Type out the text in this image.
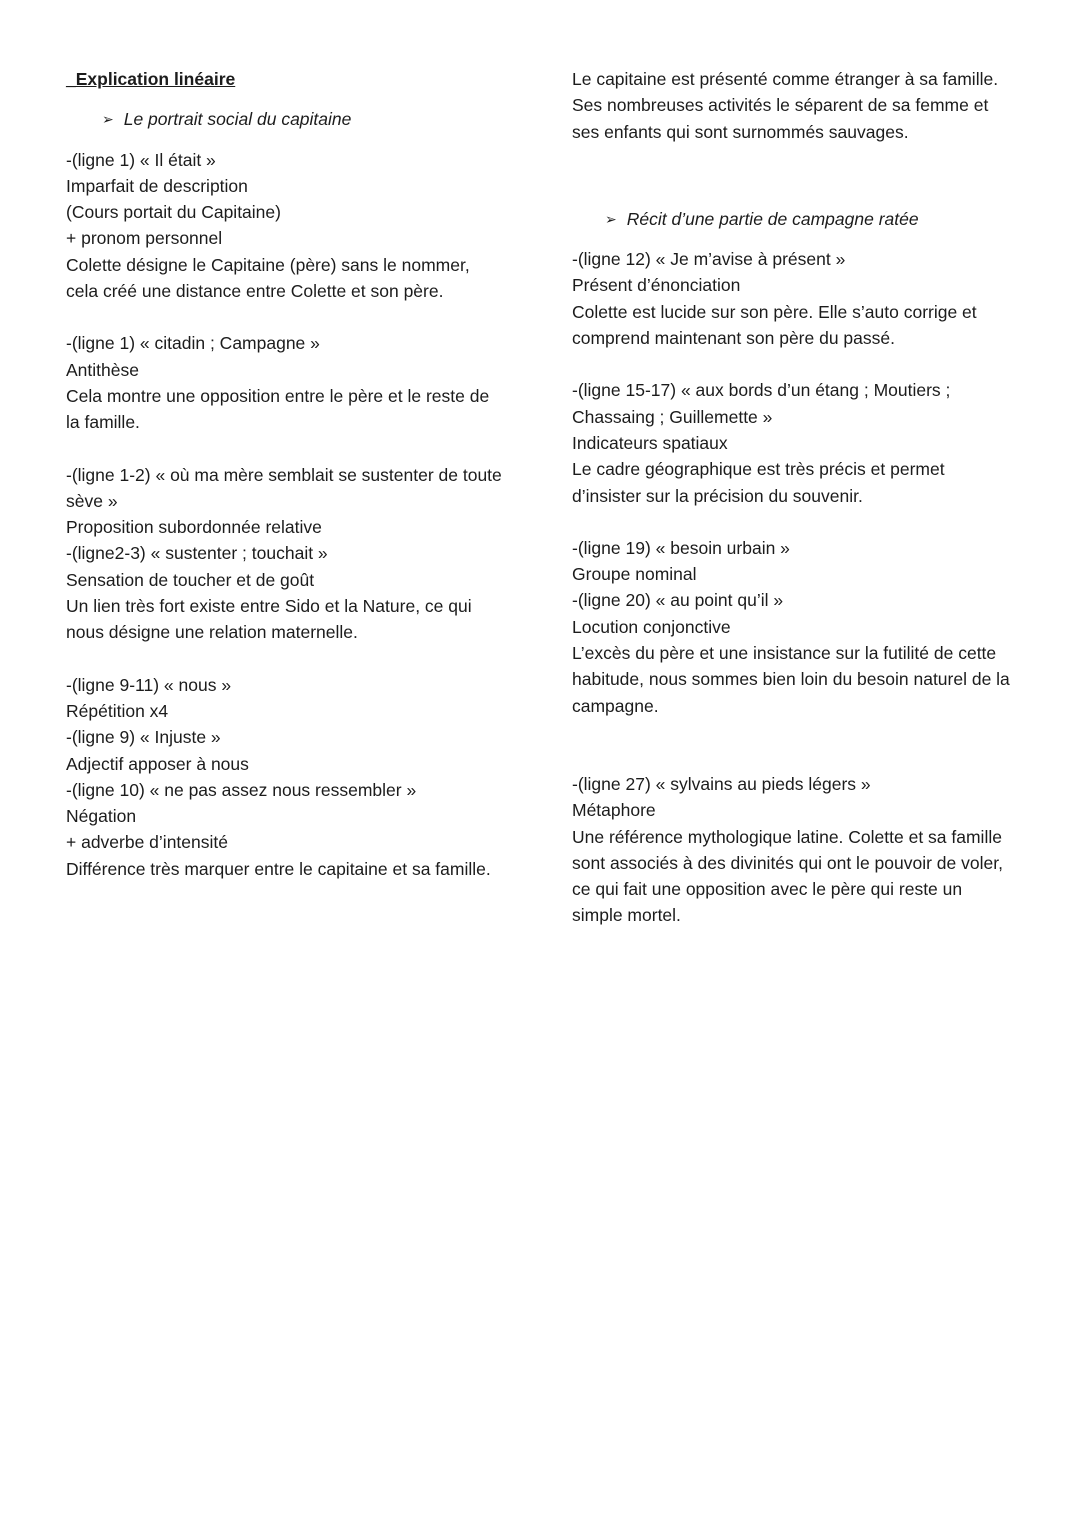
_Explication linéaire

➢ Le portrait social du capitaine

-(ligne 1) « Il était »

Imparfait de description

(Cours portait du Capitaine)

+ pronom personnel

Colette désigne le Capitaine (père) sans le nommer, cela créé une distance entre Colette et son père.

-(ligne 1) « citadin ; Campagne »

Antithèse

Cela montre une opposition entre le père et le reste de la famille.

-(ligne 1-2) « où ma mère semblait se sustenter de toute sève »

Proposition subordonnée relative

-(ligne2-3) « sustenter ; touchait »

Sensation de toucher et de goût

Un lien très fort existe entre Sido et la Nature, ce qui nous désigne une relation maternelle.

-(ligne 9-11) « nous »

Répétition x4

-(ligne 9) « Injuste »

Adjectif apposer à nous

-(ligne 10) « ne pas assez nous ressembler »

Négation

+ adverbe d’intensité

Différence très marquer entre le capitaine et sa famille.

Le capitaine est présenté comme étranger à sa famille. Ses nombreuses activités le séparent de sa femme et ses enfants qui sont surnommés sauvages.

➢ Récit d’une partie de campagne ratée

-(ligne 12) « Je m’avise à présent »

Présent d’énonciation

Colette est lucide sur son père. Elle s’auto corrige et comprend maintenant son père du passé.

-(ligne 15-17) « aux bords d’un étang ; Moutiers ; Chassaing ; Guillemette »

Indicateurs spatiaux

Le cadre géographique est très précis et permet d’insister sur la précision du souvenir.

-(ligne 19) « besoin urbain »

Groupe nominal

-(ligne 20) « au point qu’il »

Locution conjonctive

L’excès du père et une insistance sur la futilité de cette habitude, nous sommes bien loin du besoin naturel de la campagne.

-(ligne 27) « sylvains au pieds légers »

Métaphore

Une référence mythologique latine. Colette et sa famille sont associés à des divinités qui ont le pouvoir de voler, ce qui fait une opposition avec le père qui reste un simple mortel.
